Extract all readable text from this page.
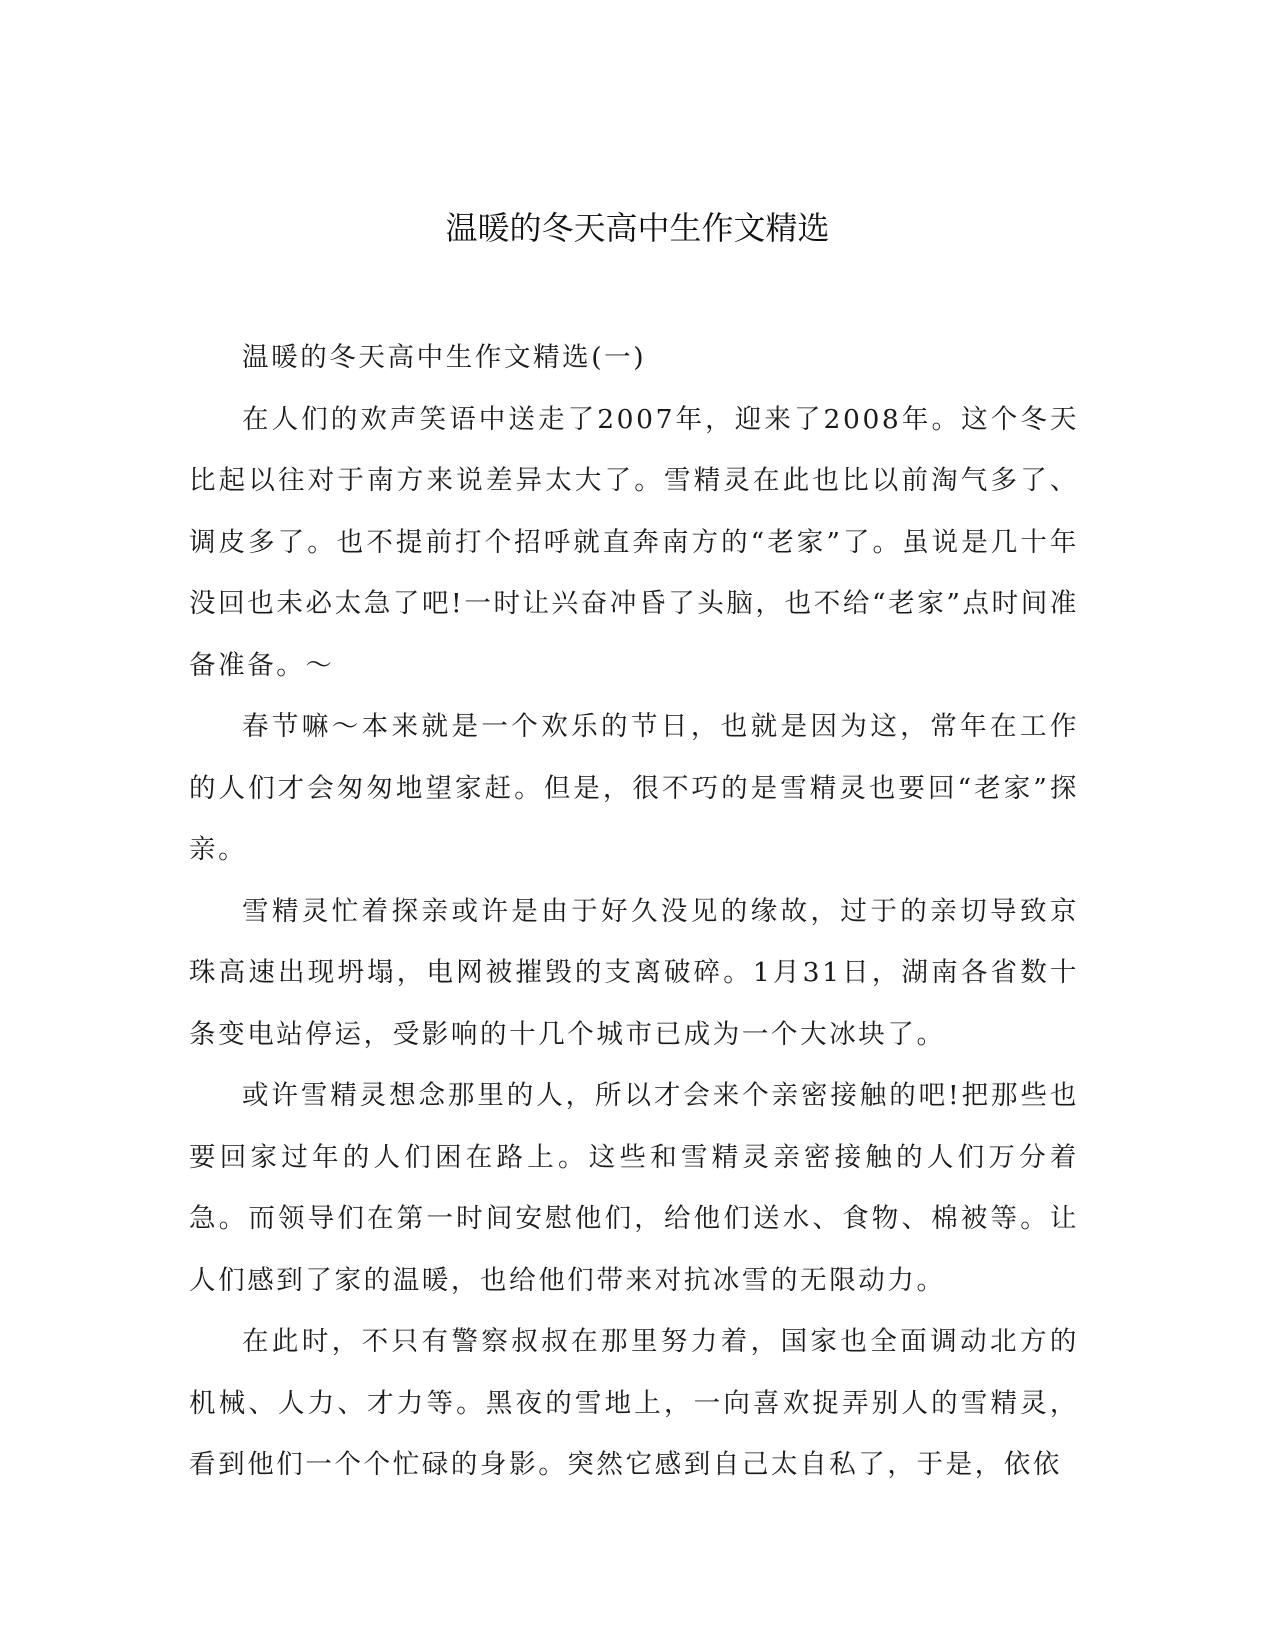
温暖的冬天高中生作文精选

温暖的冬天高中生作文精选(一)

在人们的欢声笑语中送走了2007年，迎来了2008年。这个冬天比起以往对于南方来说差异太大了。雪精灵在此也比以前淘气多了、调皮多了。也不提前打个招呼就直奔南方的“老家”了。虽说是几十年没回也未必太急了吧!一时让兴奋冲昏了头脑，也不给“老家”点时间准备准备。～

春节嘛～本来就是一个欢乐的节日，也就是因为这，常年在工作的人们才会匆匆地望家赶。但是，很不巧的是雪精灵也要回“老家”探亲。

雪精灵忙着探亲或许是由于好久没见的缘故，过于的亲切导致京珠高速出现坍塌，电网被摧毁的支离破碎。1月31日，湖南各省数十条变电站停运，受影响的十几个城市已成为一个大冰块了。

或许雪精灵想念那里的人，所以才会来个亲密接触的吧!把那些也要回家过年的人们困在路上。这些和雪精灵亲密接触的人们万分着急。而领导们在第一时间安慰他们，给他们送水、食物、棉被等。让人们感到了家的温暖，也给他们带来对抗冰雪的无限动力。

在此时，不只有警察叔叔在那里努力着，国家也全面调动北方的机械、人力、才力等。黑夜的雪地上，一向喜欢捉弄别人的雪精灵，看到他们一个个忙碌的身影。突然它感到自己太自私了，于是，依依
